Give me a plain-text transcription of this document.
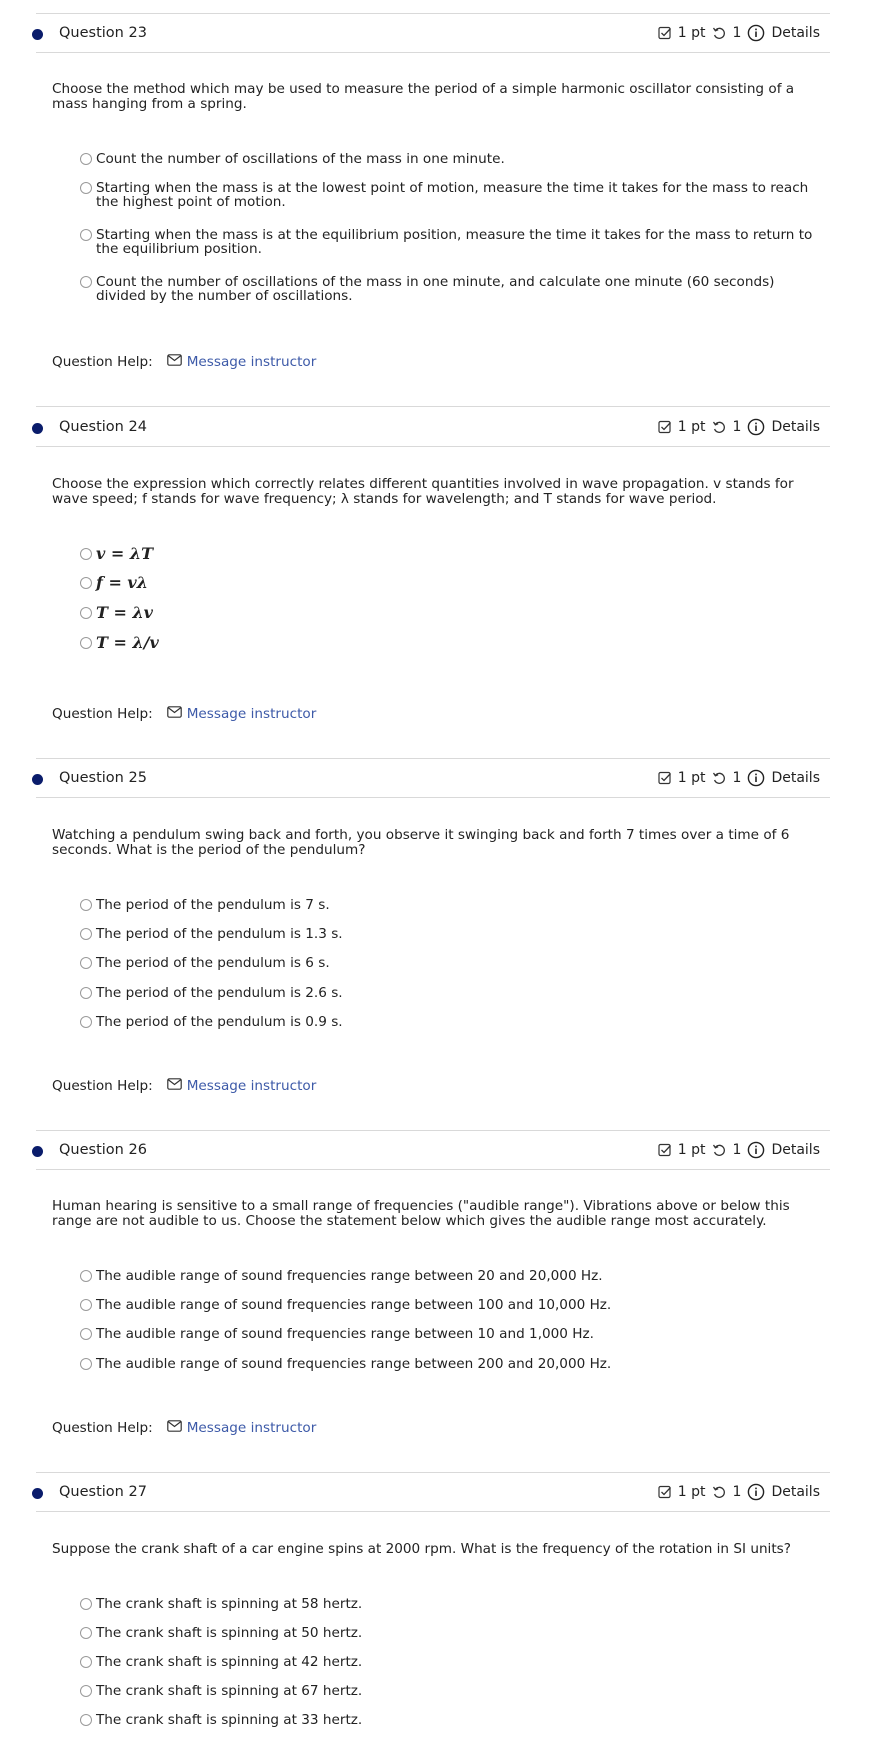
Question 23	1 pt 1 Details
Choose the method which may be used to measure the period of a simple harmonic oscillator consisting of a mass hanging from a spring.
Count the number of oscillations of the mass in one minute.
Starting when the mass is at the lowest point of motion, measure the time it takes for the mass to reach the highest point of motion.
Starting when the mass is at the equilibrium position, measure the time it takes for the mass to return to the equilibrium position.
Count the number of oscillations of the mass in one minute, and calculate one minute (60 seconds) divided by the number of oscillations.
Question Help:	Message instructor
Question 24	1 pt 1 Details
Choose the expression which correctly relates different quantities involved in wave propagation. v stands for wave speed; f stands for wave frequency; λ stands for wavelength; and T stands for wave period.
v = λT
f = vλ
T = λv
T = λ/v
Question Help:	Message instructor
Question 25	1 pt 1 Details
Watching a pendulum swing back and forth, you observe it swinging back and forth 7 times over a time of 6 seconds. What is the period of the pendulum?
The period of the pendulum is 7 s.
The period of the pendulum is 1.3 s.
The period of the pendulum is 6 s.
The period of the pendulum is 2.6 s.
The period of the pendulum is 0.9 s.
Question Help:	Message instructor
Question 26	1 pt 1 Details
Human hearing is sensitive to a small range of frequencies ("audible range"). Vibrations above or below this range are not audible to us. Choose the statement below which gives the audible range most accurately.
The audible range of sound frequencies range between 20 and 20,000 Hz.
The audible range of sound frequencies range between 100 and 10,000 Hz.
The audible range of sound frequencies range between 10 and 1,000 Hz.
The audible range of sound frequencies range between 200 and 20,000 Hz.
Question Help:	Message instructor
Question 27	1 pt 1 Details
Suppose the crank shaft of a car engine spins at 2000 rpm. What is the frequency of the rotation in SI units?
The crank shaft is spinning at 58 hertz.
The crank shaft is spinning at 50 hertz.
The crank shaft is spinning at 42 hertz.
The crank shaft is spinning at 67 hertz.
The crank shaft is spinning at 33 hertz.
